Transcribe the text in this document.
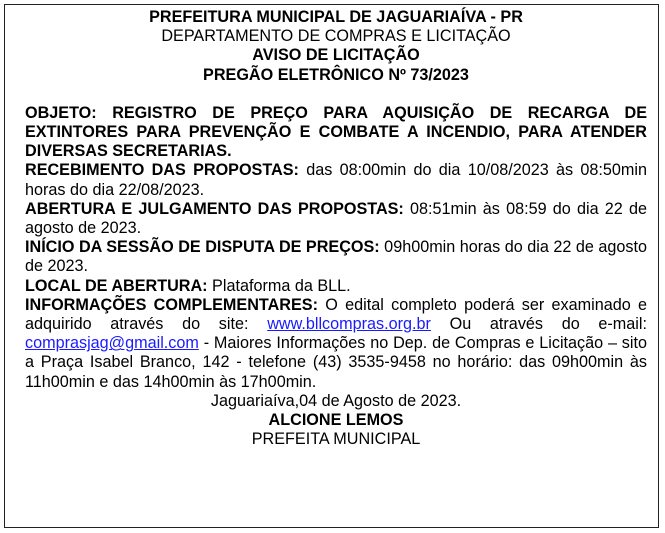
PREFEITURA MUNICIPAL DE JAGUARIAÍVA - PR
DEPARTAMENTO DE COMPRAS E LICITAÇÃO
AVISO DE LICITAÇÃO
PREGÃO ELETRÔNICO Nº 73/2023
OBJETO: REGISTRO DE PREÇO PARA AQUISIÇÃO DE RECARGA DE EXTINTORES PARA PREVENÇÃO E COMBATE A INCENDIO, PARA ATENDER DIVERSAS SECRETARIAS.
RECEBIMENTO DAS PROPOSTAS: das 08:00min do dia 10/08/2023 às 08:50min horas do dia 22/08/2023.
ABERTURA E JULGAMENTO DAS PROPOSTAS: 08:51min às 08:59 do dia 22 de agosto de 2023.
INÍCIO DA SESSÃO DE DISPUTA DE PREÇOS: 09h00min horas do dia 22 de agosto de 2023.
LOCAL DE ABERTURA: Plataforma da BLL.
INFORMAÇÕES COMPLEMENTARES: O edital completo poderá ser examinado e adquirido através do site: www.bllcompras.org.br Ou através do e-mail: comprasjag@gmail.com - Maiores Informações no Dep. de Compras e Licitação – sito a Praça Isabel Branco, 142 - telefone (43) 3535-9458 no horário: das 09h00min às 11h00min e das 14h00min às 17h00min.
Jaguariaíva,04 de Agosto de 2023.
ALCIONE LEMOS
PREFEITA MUNICIPAL
